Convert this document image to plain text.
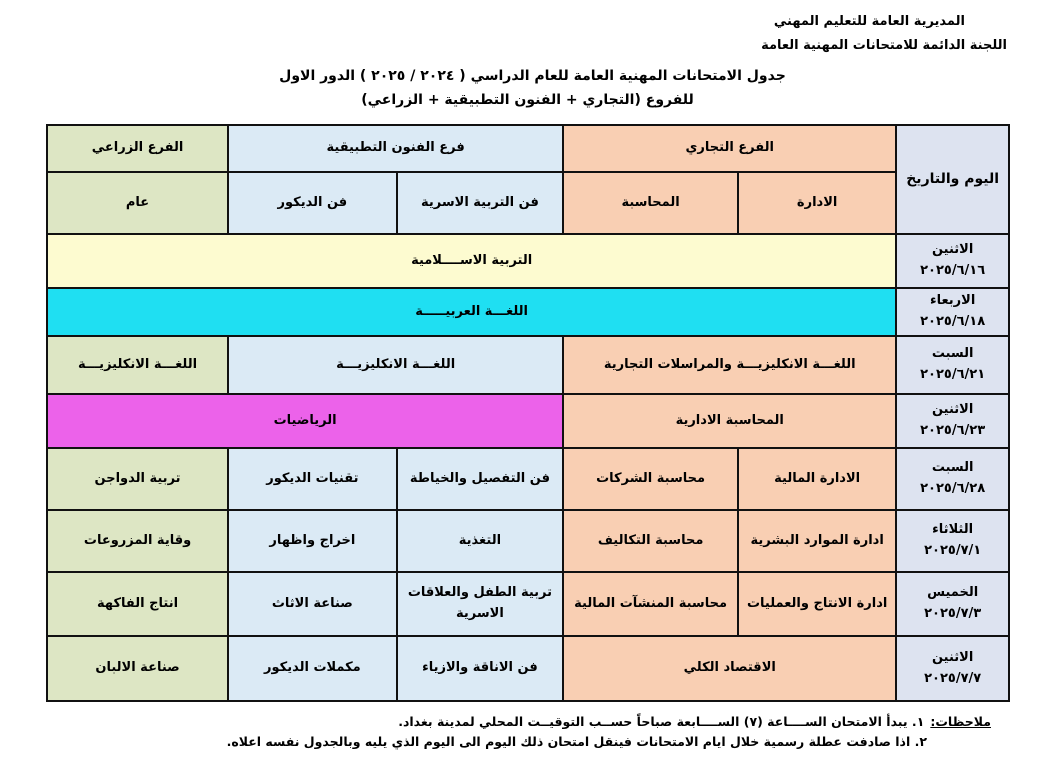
المديرية العامة للتعليم المهني
اللجنة الدائمة للامتحانات المهنية العامة
جدول الامتحانات المهنية العامة للعام الدراسي ( ٢٠٢٤ / ٢٠٢٥ ) الدور الاول
للفروع (التجاري + الفنون التطبيقية + الزراعي)
اليوم والتاريخ	الفرع التجاري		فرع الفنون التطبيقية		الفرع الزراعي
	الادارة	المحاسبة	فن التربية الاسرية	فن الديكور	عام

الاثنين
٢٠٢٥/٦/١٦	التربية الاســــلامية				

الاربعاء
٢٠٢٥/٦/١٨	اللغـــة العربيـــــة				

السبت
٢٠٢٥/٦/٢١	اللغـــة الانكليزيـــة والمراسلات التجارية		اللغـــة الانكليزيـــة		اللغـــة الانكليزيـــة

الاثنين
٢٠٢٥/٦/٢٣	المحاسبة الادارية		الرياضيات		

السبت
٢٠٢٥/٦/٢٨	الادارة المالية	محاسبة الشركات	فن التفصيل والخياطة	تقنيات الديكور	تربية الدواجن

الثلاثاء
٢٠٢٥/٧/١	ادارة الموارد البشرية	محاسبة التكاليف	التغذية	اخراج واظهار	وقاية المزروعات

الخميس
٢٠٢٥/٧/٣	ادارة الانتاج والعمليات	محاسبة المنشآت المالية	تربية الطفل والعلاقات الاسرية	صناعة الاثاث	انتاج الفاكهة

الاثنين
٢٠٢٥/٧/٧	الاقتصاد الكلي		فن الاناقة والازياء	مكملات الديكور	صناعة الالبان
ملاحظات:١. يبدأ الامتحان الســــاعة (٧) الســــابعة صباحاً حســب التوقيــت المحلي لمدينة بغداد.
٢. اذا صادفت عطلة رسمية خلال ايام الامتحانات فينقل امتحان ذلك اليوم الى اليوم الذي يليه وبالجدول نفسه اعلاه.
